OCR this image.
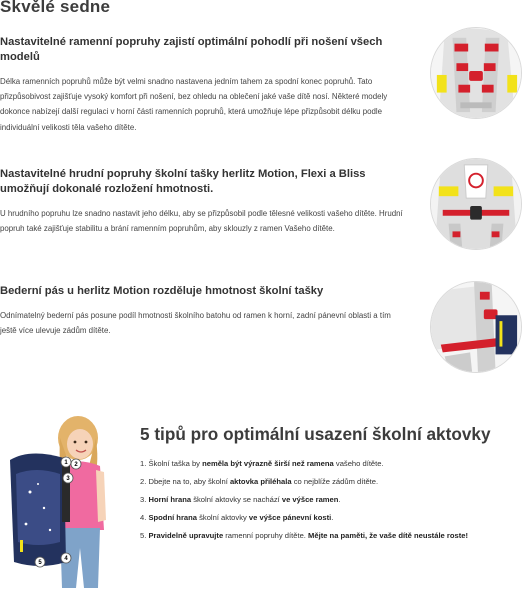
Skvělé sedne
Nastavitelné ramenní popruhy zajistí optimální pohodlí při nošení všech modelů

Délka ramenních popruhů může být velmi snadno nastavena jedním tahem za spodní konec popruhů. Tato přizpůsobivost zajišťuje vysoký komfort při nošení, bez ohledu na oblečení jaké vaše dítě nosí. Některé modely dokonce nabízejí další regulaci v horní části ramenních popruhů, která umožňuje lépe přizpůsobit délku podle individuální velikosti těla vašeho dítěte.

Nastavitelné hrudní popruhy školní tašky herlitz Motion, Flexi a Bliss umožňují dokonalé rozložení hmotnosti.

U hrudního popruhu lze snadno nastavit jeho délku, aby se přizpůsobil podle tělesné velikosti vašeho dítěte. Hrudní popruh také zajišťuje stabilitu a brání ramenním popruhům, aby sklouzly z ramen Vašeho dítěte.

Bederní pás u herlitz Motion rozděluje hmotnost školní tašky

Odnímatelný bederní pás posune podíl hmotnosti školního batohu od ramen k horní, zadní pánevní oblasti a tím ještě více ulevuje zádům dítěte.

1 2
3
4
5
5 tipů pro optimální usazení školní aktovky
1. Školní taška by neměla být výrazně širší než ramena vašeho dítěte.
2. Dbejte na to, aby školní aktovka přiléhala co nejblíže zádům dítěte.
3. Horní hrana školní aktovky se nachází ve výšce ramen.
4. Spodní hrana školní aktovky ve výšce pánevní kosti.
5. Pravidelně upravujte ramenní popruhy dítěte. Mějte na paměti, že vaše dítě neustále roste!
